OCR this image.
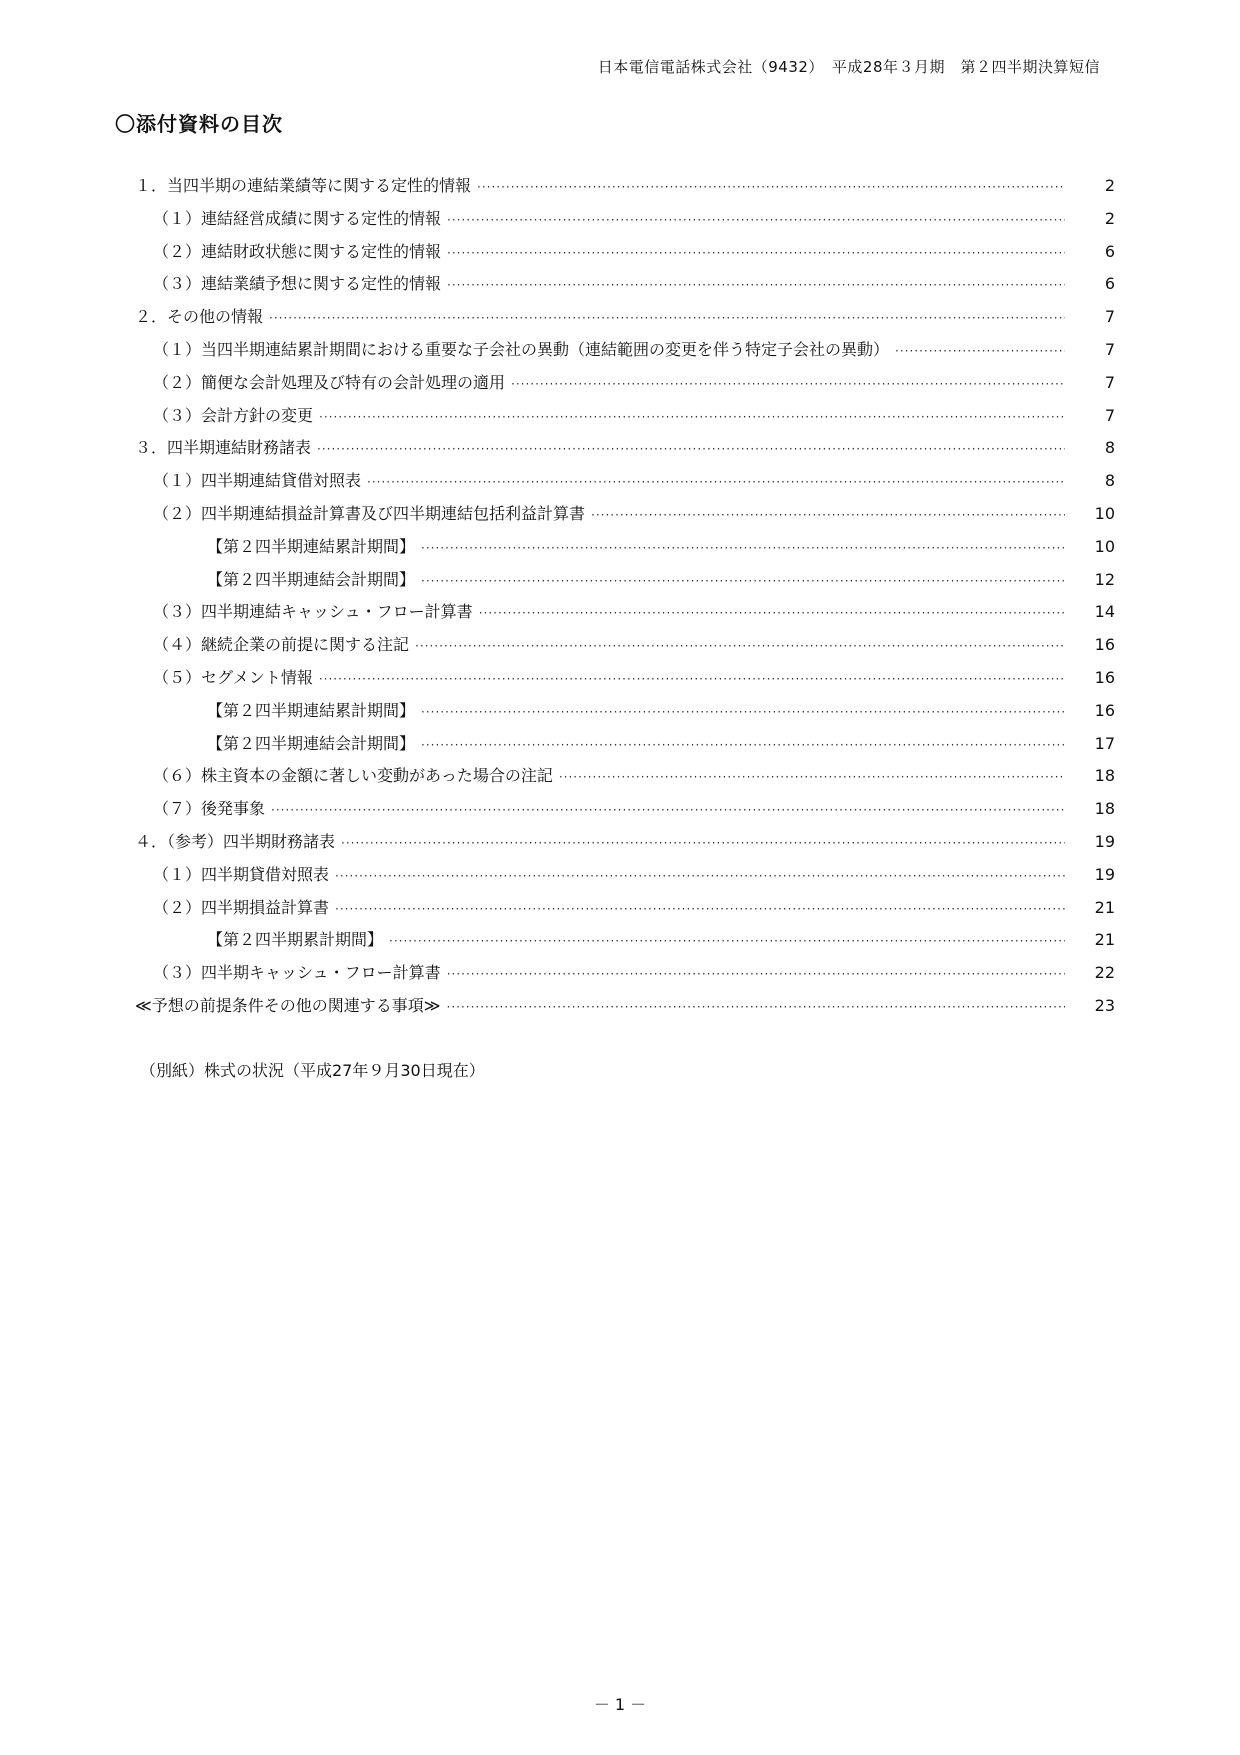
日本電信電話株式会社（9432）　平成28年３月期　第２四半期決算短信
〇添付資料の目次
１．当四半期の連結業績等に関する定性的情報 ·····	2
（１）連結経営成績に関する定性的情報 ·····	2
（２）連結財政状態に関する定性的情報 ·····	6
（３）連結業績予想に関する定性的情報 ·····	6
２．その他の情報 ·····	7
（１）当四半期連結累計期間における重要な子会社の異動（連結範囲の変更を伴う特定子会社の異動） ·····	7
（２）簡便な会計処理及び特有の会計処理の適用 ·····	7
（３）会計方針の変更 ·····	7
３．四半期連結財務諸表 ·····	8
（１）四半期連結貸借対照表 ·····	8
（２）四半期連結損益計算書及び四半期連結包括利益計算書 ·····	10
【第２四半期連結累計期間】 ·····	10
【第２四半期連結会計期間】 ·····	12
（３）四半期連結キャッシュ・フロー計算書 ·····	14
（４）継続企業の前提に関する注記 ·····	16
（５）セグメント情報 ·····	16
【第２四半期連結累計期間】 ·····	16
【第２四半期連結会計期間】 ·····	17
（６）株主資本の金額に著しい変動があった場合の注記 ·····	18
（７）後発事象 ·····	18
４．（参考）四半期財務諸表 ·····	19
（１）四半期貸借対照表 ·····	19
（２）四半期損益計算書 ·····	21
【第２四半期累計期間】 ·····	21
（３）四半期キャッシュ・フロー計算書 ·····	22
≪予想の前提条件その他の関連する事項≫ ·····	23
（別紙）株式の状況（平成27年９月30日現在）
－ 1 －
